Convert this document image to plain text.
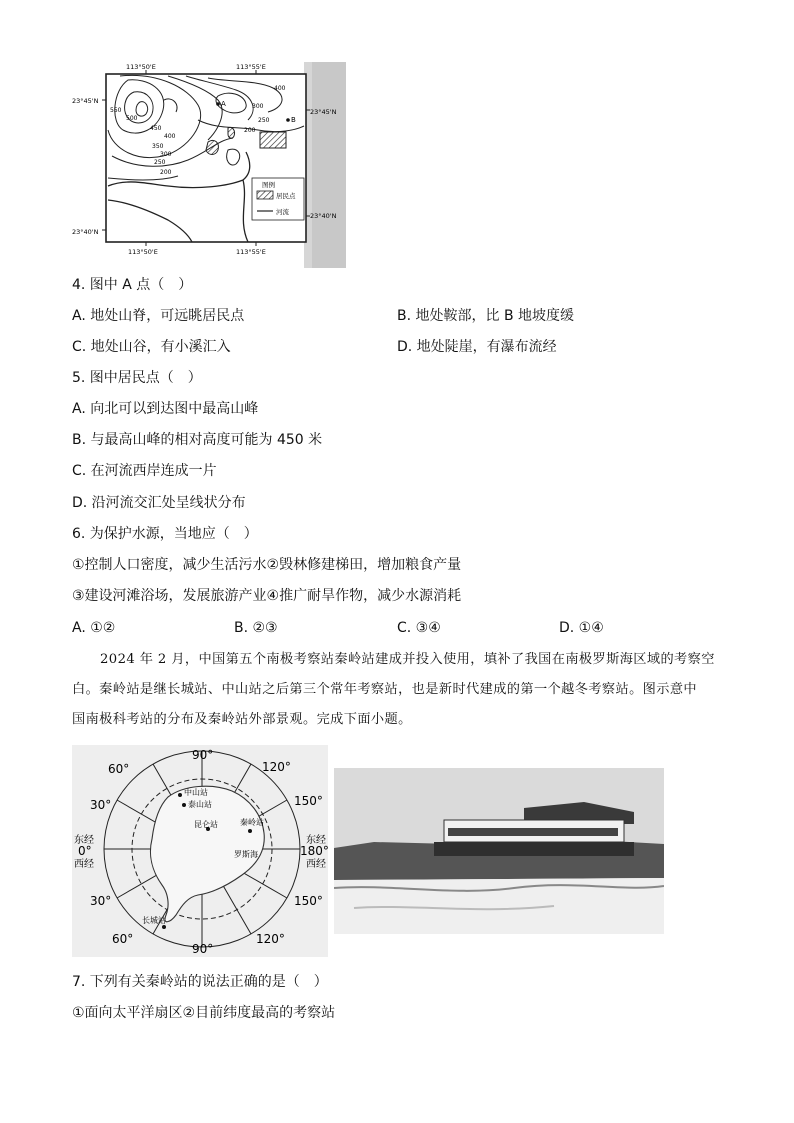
113°50'E	113°55'E
113°50'E	113°55'E
23°45'N
23°45'N
23°40'N
23°40'N
550
500
450
400
350
300
250
200
400
300
250
200
A
B
图例
居民点
河流
4. 图中 A 点（　）
A. 地处山脊，可远眺居民点	B. 地处鞍部，比 B 地坡度缓
C. 地处山谷，有小溪汇入	D. 地处陡崖，有瀑布流经
5. 图中居民点（　）
A. 向北可以到达图中最高山峰
B. 与最高山峰的相对高度可能为 450 米
C. 在河流西岸连成一片
D. 沿河流交汇处呈线状分布
6. 为保护水源，当地应（　）
①控制人口密度，减少生活污水②毁林修建梯田，增加粮食产量
③建设河滩浴场，发展旅游产业④推广耐旱作物，减少水源消耗
A. ①②	B. ②③	C. ③④	D. ①④
2024 年 2 月，中国第五个南极考察站秦岭站建成并投入使用，填补了我国在南极罗斯海区域的考察空
白。秦岭站是继长城站、中山站之后第三个常年考察站，也是新时代建成的第一个越冬考察站。图示意中
国南极科考站的分布及秦岭站外部景观。完成下面小题。
90°
60°	120°
30°	150°
东经
0°
西经
东经
180°
西经
30°	150°
60°
90°
120°
中山站
泰山站
昆仑站	秦岭站
罗斯海
长城站
7. 下列有关秦岭站的说法正确的是（　）
①面向太平洋扇区②目前纬度最高的考察站
